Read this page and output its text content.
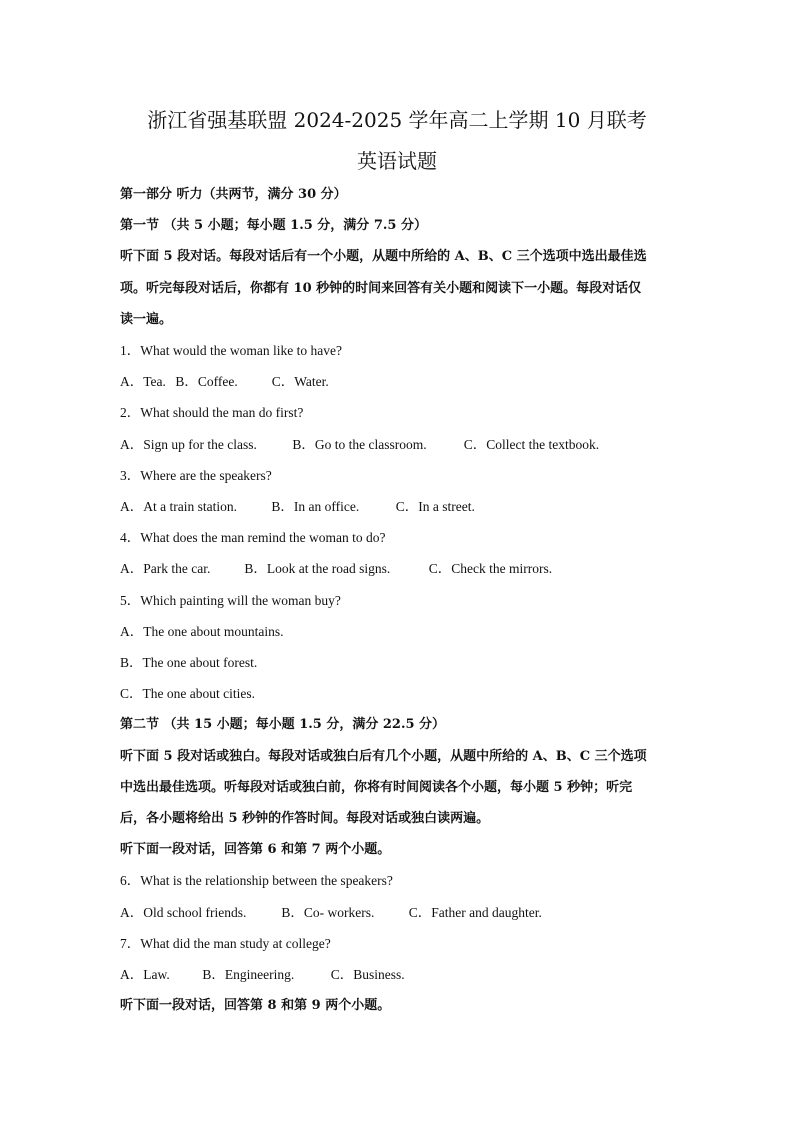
浙江省强基联盟 2024-2025 学年高二上学期 10 月联考
英语试题
第一部分 听力（共两节，满分 30 分）
第一节 （共 5 小题；每小题 1.5 分，满分 7.5 分）
听下面 5 段对话。每段对话后有一个小题，从题中所给的 A、B、C 三个选项中选出最佳选
项。听完每段对话后，你都有 10 秒钟的时间来回答有关小题和阅读下一小题。每段对话仅
读一遍。
1．What would the woman like to have?
A．Tea. B．Coffee.	C．Water.
2．What should the man do first?
A．Sign up for the class.	B．Go to the classroom.	C．Collect the textbook.
3．Where are the speakers?
A．At a train station.	B．In an office.	C．In a street.
4．What does the man remind the woman to do?
A．Park the car.	B．Look at the road signs.	C．Check the mirrors.
5．Which painting will the woman buy?
A．The one about mountains.
B．The one about forest.
C．The one about cities.
第二节 （共 15 小题；每小题 1.5 分，满分 22.5 分）
听下面 5 段对话或独白。每段对话或独白后有几个小题，从题中所给的 A、B、C 三个选项
中选出最佳选项。听每段对话或独白前，你将有时间阅读各个小题，每小题 5 秒钟；听完
后，各小题将给出 5 秒钟的作答时间。每段对话或独白读两遍。
听下面一段对话，回答第 6 和第 7 两个小题。
6．What is the relationship between the speakers?
A．Old school friends.	B．Co- workers.	C．Father and daughter.
7．What did the man study at college?
A．Law. B．Engineering.	C．Business.
听下面一段对话，回答第 8 和第 9 两个小题。
